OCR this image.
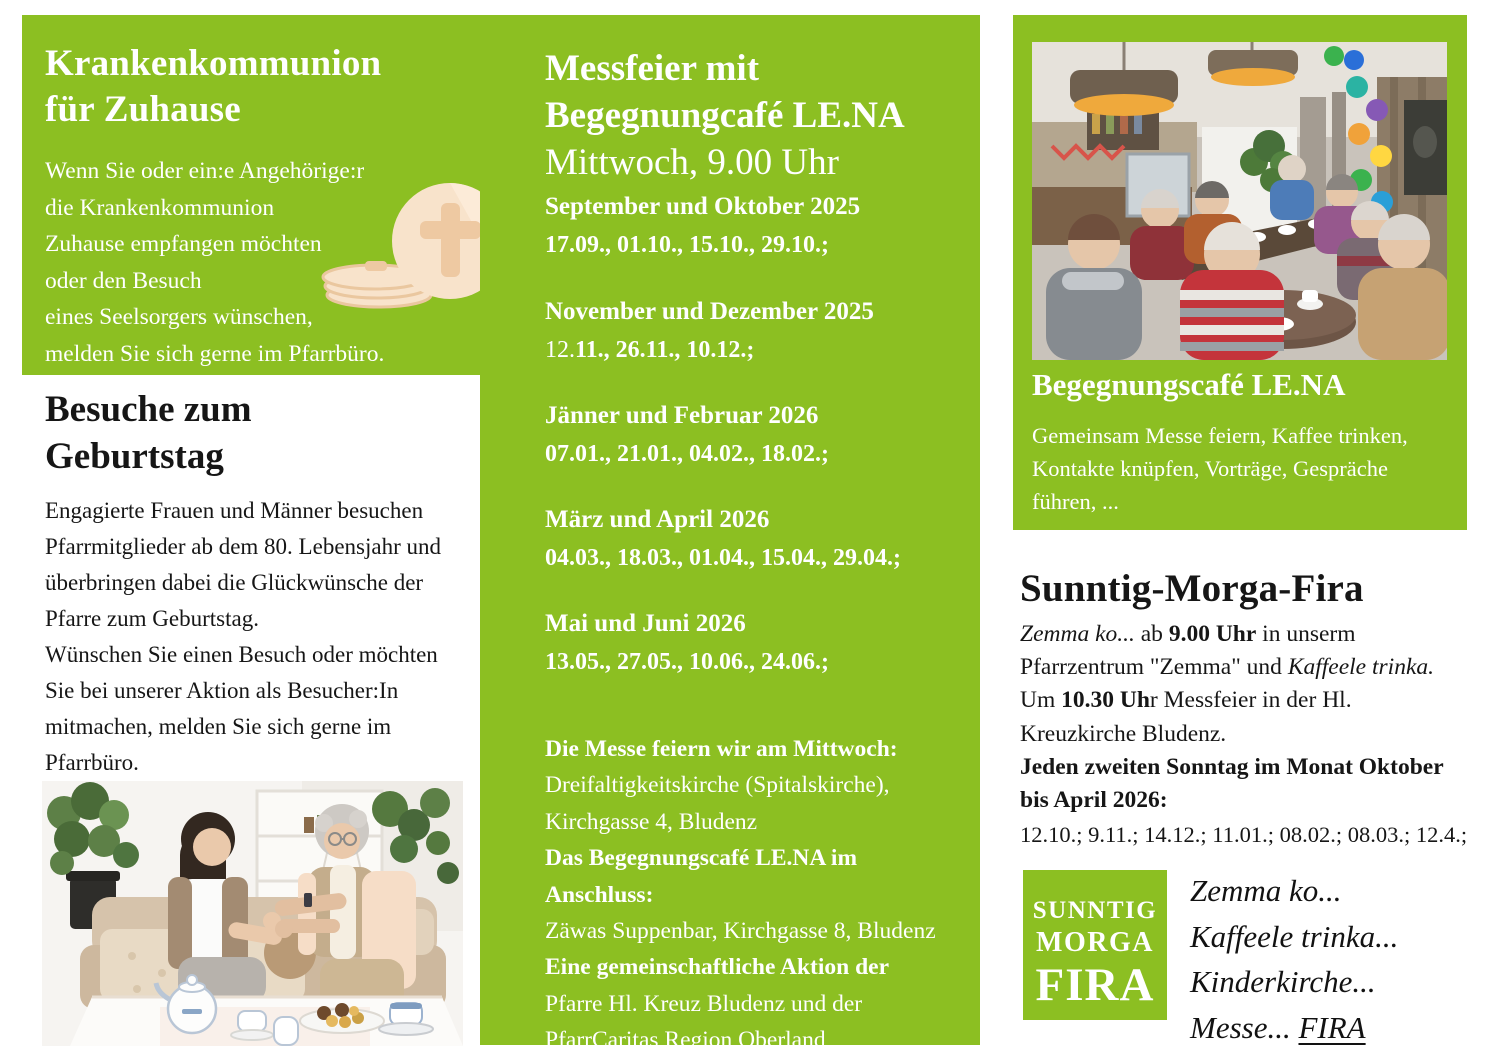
Krankenkommunion
für Zuhause
Wenn Sie oder ein:e Angehörige:r
die Krankenkommunion
Zuhause empfangen möchten
oder den Besuch
eines Seelsorgers wünschen,
melden Sie sich gerne im Pfarrbüro.
Besuche zum
Geburtstag
Engagierte Frauen und Männer besuchen
Pfarrmitglieder ab dem 80. Lebensjahr und
überbringen dabei die Glückwünsche der
Pfarre zum Geburtstag.
Wünschen Sie einen Besuch oder möchten
Sie bei unserer Aktion als Besucher:In
mitmachen, melden Sie sich gerne im
Pfarrbüro.
Messfeier mit
Begegnungcafé LE.NA
Mittwoch, 9.00 Uhr
September und Oktober 2025
17.09., 01.10., 15.10., 29.10.;
November und Dezember 2025
12.11., 26.11., 10.12.;
Jänner und Februar 2026
07.01., 21.01., 04.02., 18.02.;
März und April 2026
04.03., 18.03., 01.04., 15.04., 29.04.;
Mai und Juni 2026
13.05., 27.05., 10.06., 24.06.;
Die Messe feiern wir am Mittwoch:
Dreifaltigkeitskirche (Spitalskirche),
Kirchgasse 4, Bludenz
Das Begegnungscafé LE.NA im
Anschluss:
Zäwas Suppenbar, Kirchgasse 8, Bludenz
Eine gemeinschaftliche Aktion der
Pfarre Hl. Kreuz Bludenz und der
PfarrCaritas Region Oberland
Begegnungscafé LE.NA
Gemeinsam Messe feiern, Kaffee trinken,
Kontakte knüpfen, Vorträge, Gespräche
führen, ...
Sunntig-Morga-Fira
Zemma ko... ab 9.00 Uhr in unserm
Pfarrzentrum "Zemma" und Kaffeele trinka.
Um 10.30 Uhr Messfeier in der Hl.
Kreuzkirche Bludenz.
Jeden zweiten Sonntag im Monat Oktober
bis April 2026:
12.10.; 9.11.; 14.12.; 11.01.; 08.02.; 08.03.; 12.4.;
SUNNTIG
MORGA
FIRA
Zemma ko...
Kaffeele trinka...
Kinderkirche...
Messe... FIRA
